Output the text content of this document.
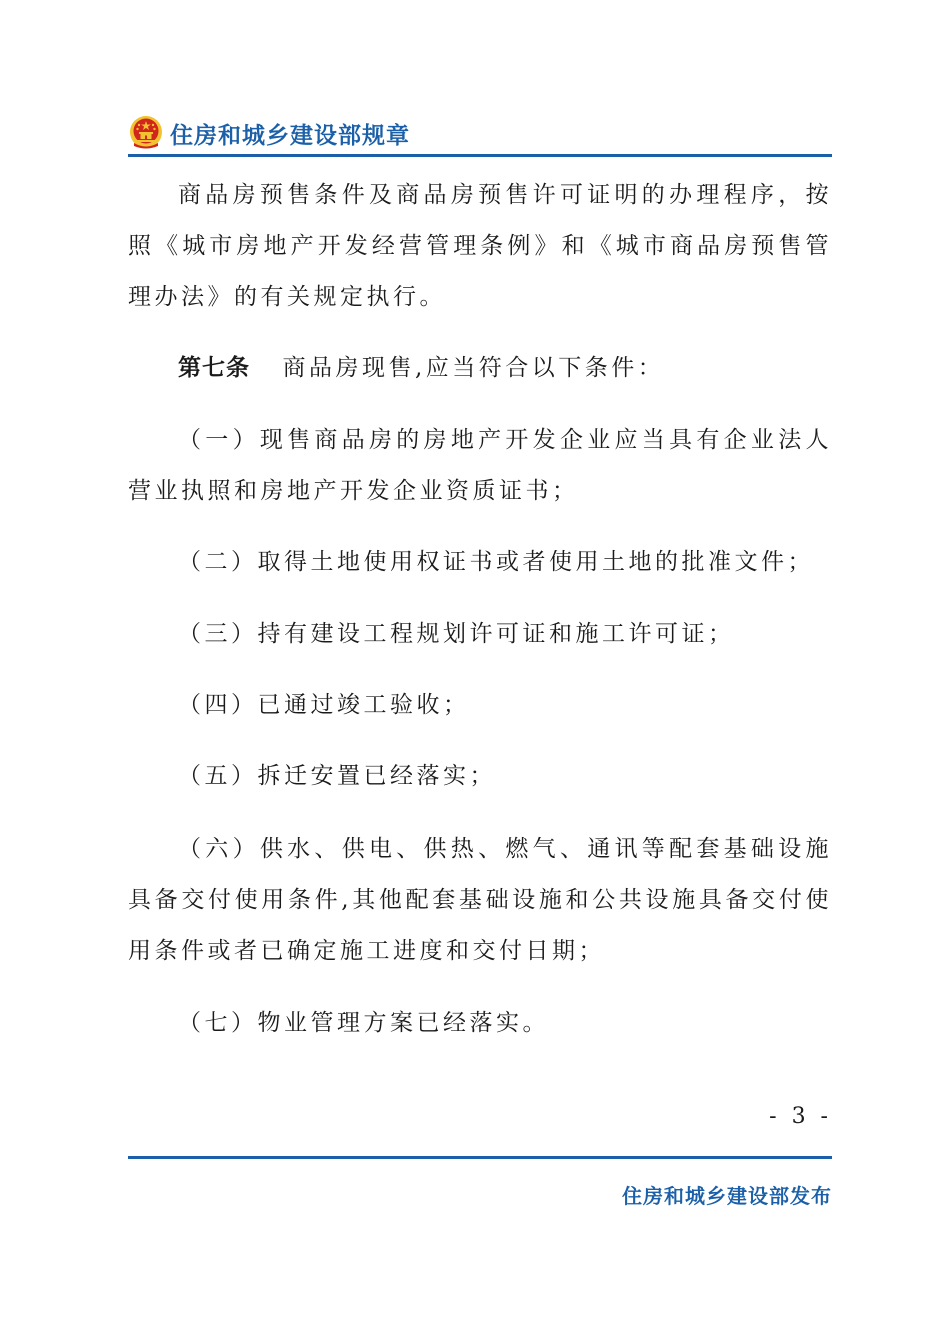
住房和城乡建设部规章

商品房预售条件及商品房预售许可证明的办理程序，按照《城市房地产开发经营管理条例》和《城市商品房预售管理办法》的有关规定执行。

第七条 商品房现售,应当符合以下条件：

（一）现售商品房的房地产开发企业应当具有企业法人营业执照和房地产开发企业资质证书；

（二）取得土地使用权证书或者使用土地的批准文件；

（三）持有建设工程规划许可证和施工许可证；

（四）已通过竣工验收；

（五）拆迁安置已经落实；

（六）供水、供电、供热、燃气、通讯等配套基础设施具备交付使用条件,其他配套基础设施和公共设施具备交付使用条件或者已确定施工进度和交付日期；

（七）物业管理方案已经落实。

- 3 -
住房和城乡建设部发布
